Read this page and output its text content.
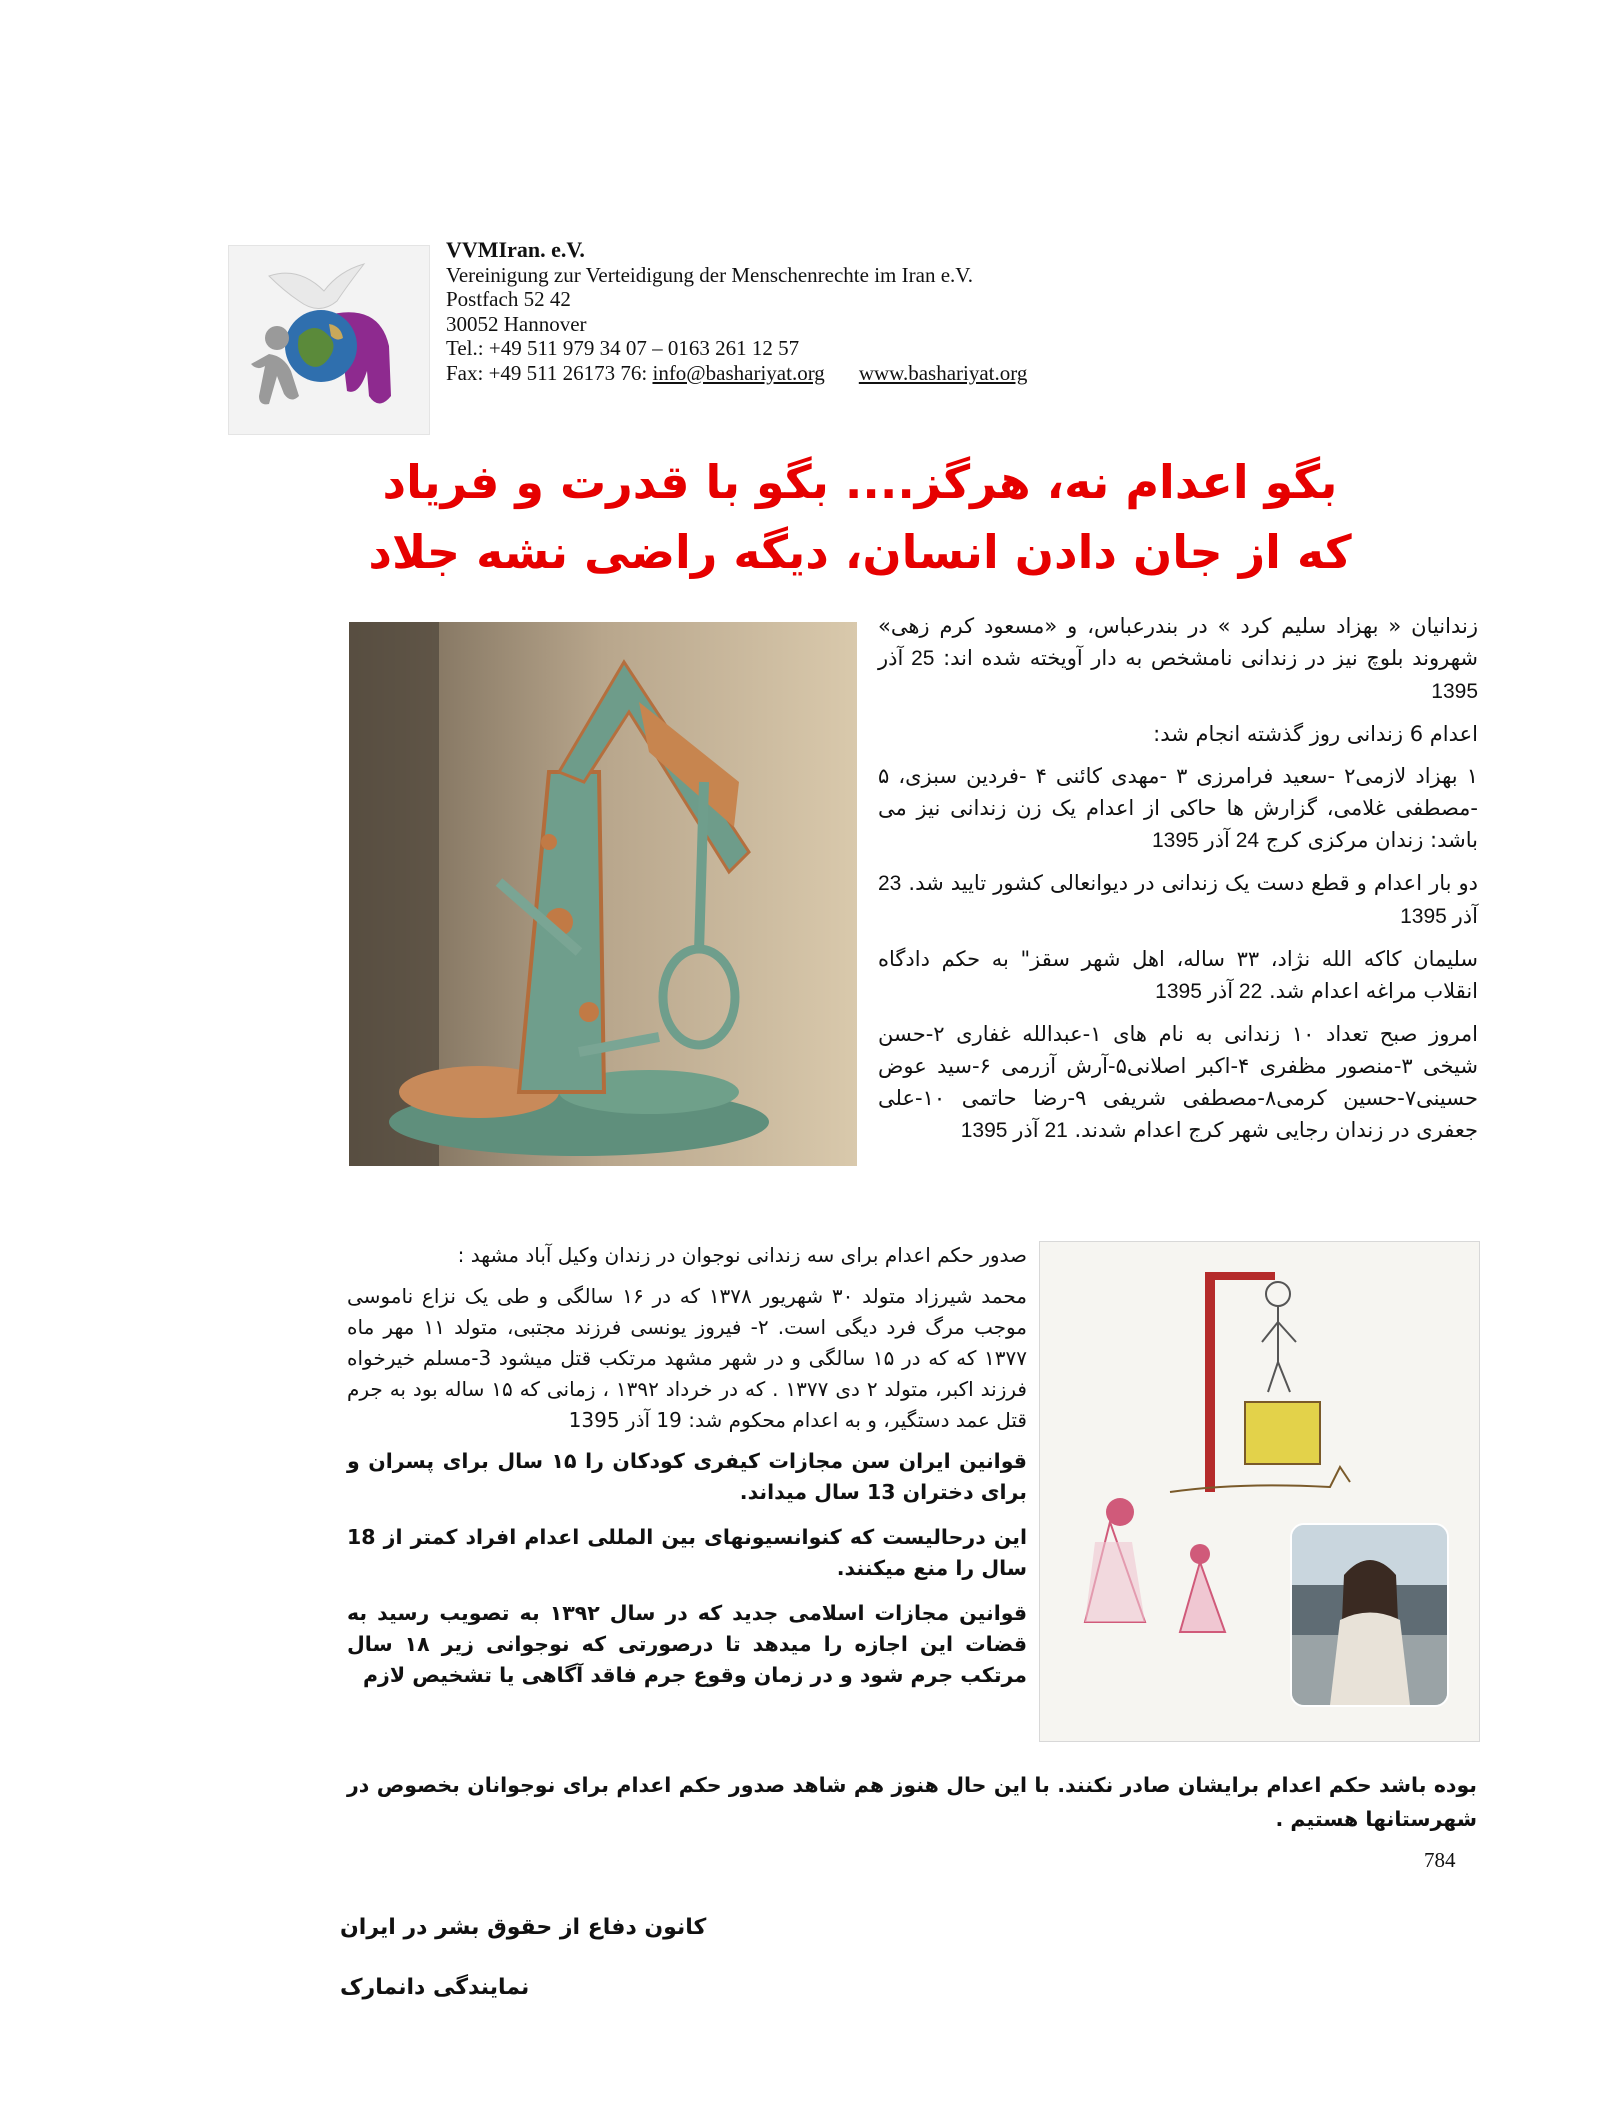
VVMIran. e.V.
Vereinigung zur Verteidigung der Menschenrechte im Iran e.V.
Postfach 52 42
30052 Hannover
Tel.: +49 511 979 34 07 – 0163 261 12 57
Fax: +49 511 26173 76: info@bashariyat.org www.bashariyat.org
بگو اعدام نه، هرگز.... بگو با قدرت و فریاد
که از جان دادن انسان، دیگه راضی نشه جلاد

زندانیان « بهزاد سلیم کرد » در بندرعباس، و «مسعود کرم زهی» شهروند بلوچ نیز در زندانی نامشخص به دار آویخته شده اند: 25 آذر 1395

اعدام 6 زندانی روز گذشته انجام شد:

۱ بهزاد لازمی۲ -سعید فرامرزی ۳ -مهدی کائنی ۴ -فردین سبزی، ۵ -مصطفی غلامی، گزارش ها حاکی از اعدام یک زن زندانی نیز می باشد: زندان مرکزی کرج 24 آذر 1395

دو بار اعدام و قطع دست یک زندانی در دیوانعالی کشور تایید شد. 23 آذر 1395

سلیمان کاکه الله نژاد، ۳۳ ساله، اهل شهر سقز" به حکم دادگاه انقلاب مراغه اعدام شد. 22 آذر 1395

امروز صبح تعداد ۱۰ زندانی به نام های ۱-عبدالله غفاری ۲-حسن شیخی ۳-منصور مظفری ۴-اکبر اصلانی۵-آرش آزرمی ۶-سید عوض حسینی۷-حسین کرمی۸-مصطفی شریفی ۹-رضا حاتمی ۱۰-علی جعفری در زندان رجایی شهر کرج اعدام شدند. 21 آذر 1395

صدور حکم اعدام برای سه زندانی نوجوان در زندان وکیل آباد مشهد :

محمد شیرزاد متولد ۳۰ شهریور ۱۳۷۸ که در ۱۶ سالگی و طی یک نزاع ناموسی موجب مرگ فرد دیگی است. ۲- فیروز یونسی فرزند مجتبی، متولد ۱۱ مهر ماه ۱۳۷۷ که که در ۱۵ سالگی و در شهر مشهد مرتکب قتل میشود 3-مسلم خیرخواه فرزند اکبر، متولد ۲ دی ۱۳۷۷ . که در خرداد ۱۳۹۲ ، زمانی که ۱۵ ساله بود به جرم قتل عمد دستگیر، و به اعدام محکوم شد: 19 آذر 1395

قوانین ایران سن مجازات کیفری کودکان را ۱۵ سال برای پسران و برای دختران 13 سال میداند.

این درحالیست که کنوانسیونهای بین المللی اعدام افراد کمتر از 18 سال را منع میکنند.

قوانین مجازات اسلامی جدید که در سال ۱۳۹۲ به تصویب رسید به قضات این اجازه را میدهد تا درصورتی که نوجوانی زیر ۱۸ سال مرتکب جرم شود و در زمان وقوع جرم فاقد آگاهی یا تشخیص لازم

بوده باشد حکم اعدام برایشان صادر نکنند. با این حال هنوز هم شاهد صدور حکم اعدام برای نوجوانان بخصوص در شهرستانها هستیم .
784
کانون دفاع از حقوق بشر در ایران
نمایندگی دانمارک
